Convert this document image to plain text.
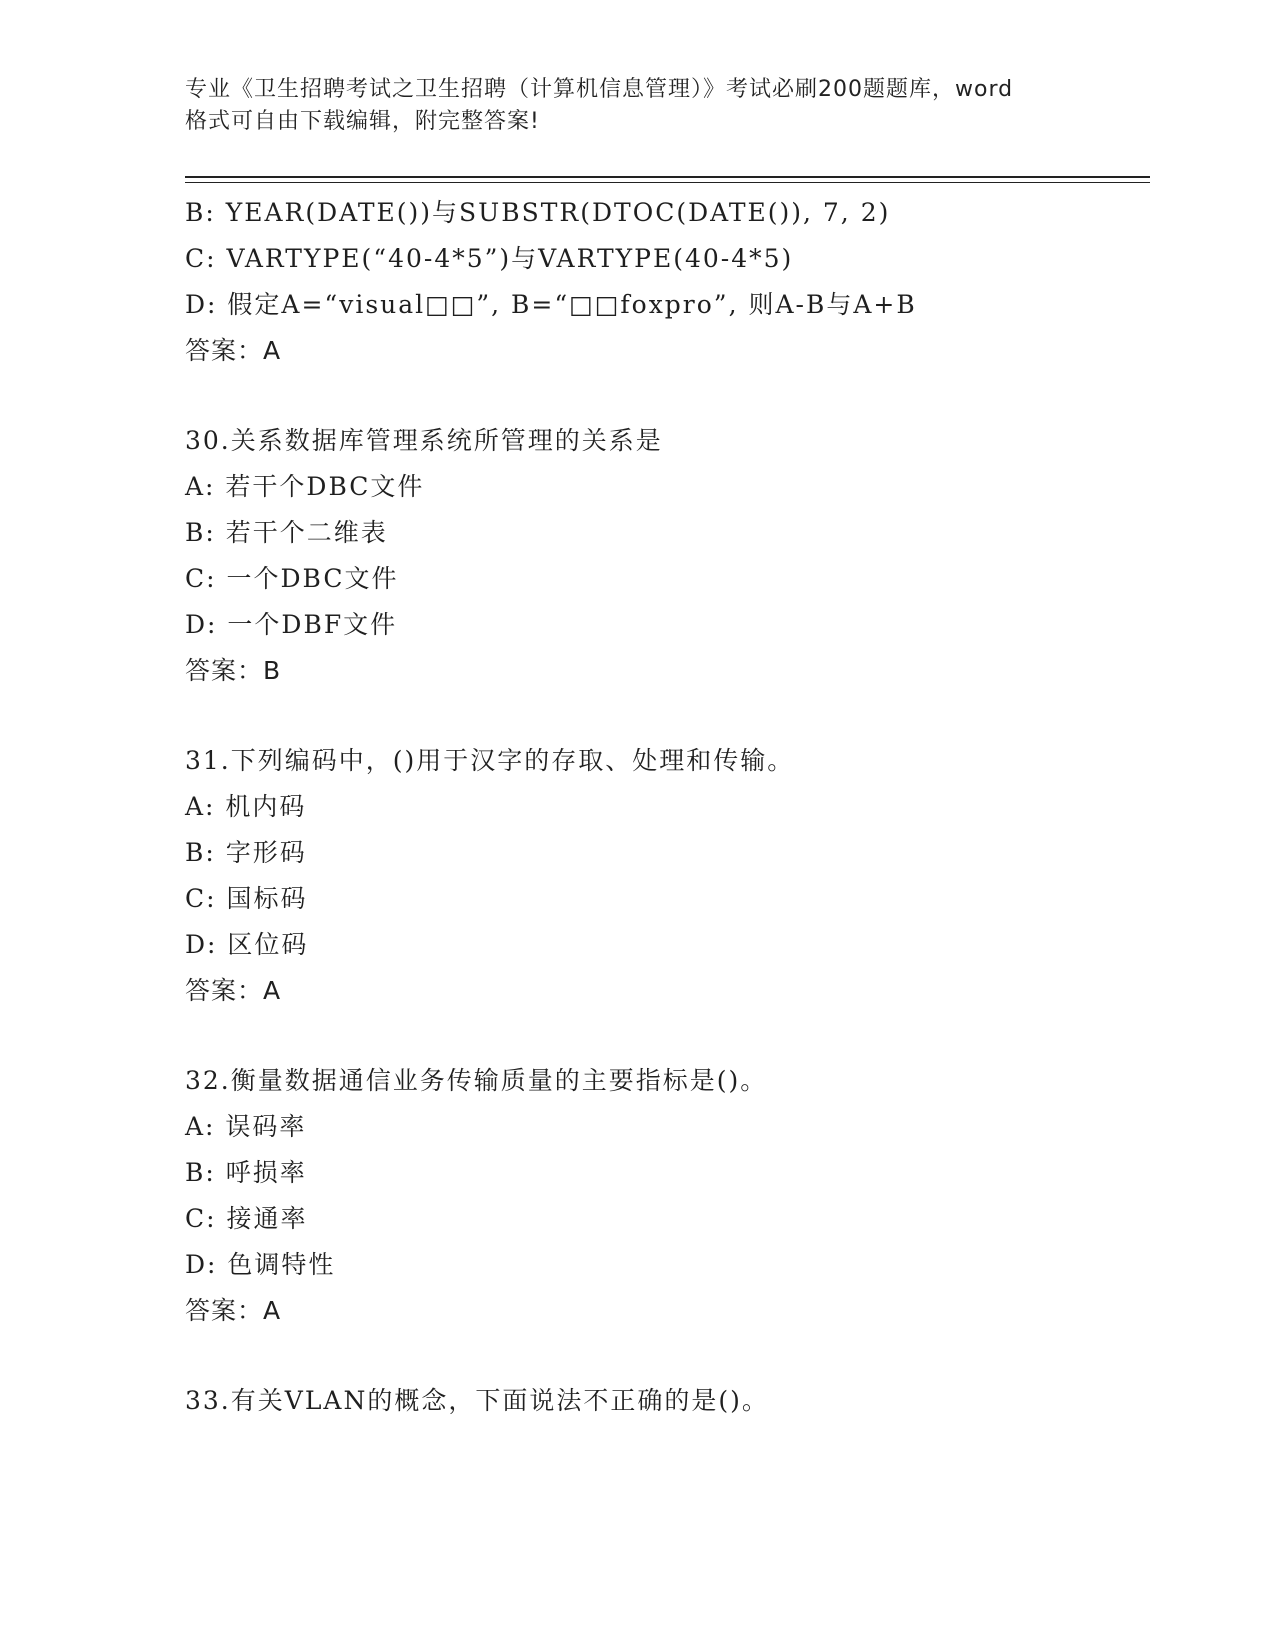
专业《卫生招聘考试之卫生招聘（计算机信息管理）》考试必刷200题题库，word
格式可自由下载编辑，附完整答案!
B: YEAR(DATE())与SUBSTR(DTOC(DATE()), 7, 2)
C: VARTYPE(“40-4*5”)与VARTYPE(40-4*5)
D: 假定A=“visual□□”, B=“□□foxpro”, 则A-B与A+B
答案：A
30.关系数据库管理系统所管理的关系是
A: 若干个DBC文件
B: 若干个二维表
C: 一个DBC文件
D: 一个DBF文件
答案：B
31.下列编码中，()用于汉字的存取、处理和传输。
A: 机内码
B: 字形码
C: 国标码
D: 区位码
答案：A
32.衡量数据通信业务传输质量的主要指标是()。
A: 误码率
B: 呼损率
C: 接通率
D: 色调特性
答案：A
33.有关VLAN的概念，下面说法不正确的是()。
